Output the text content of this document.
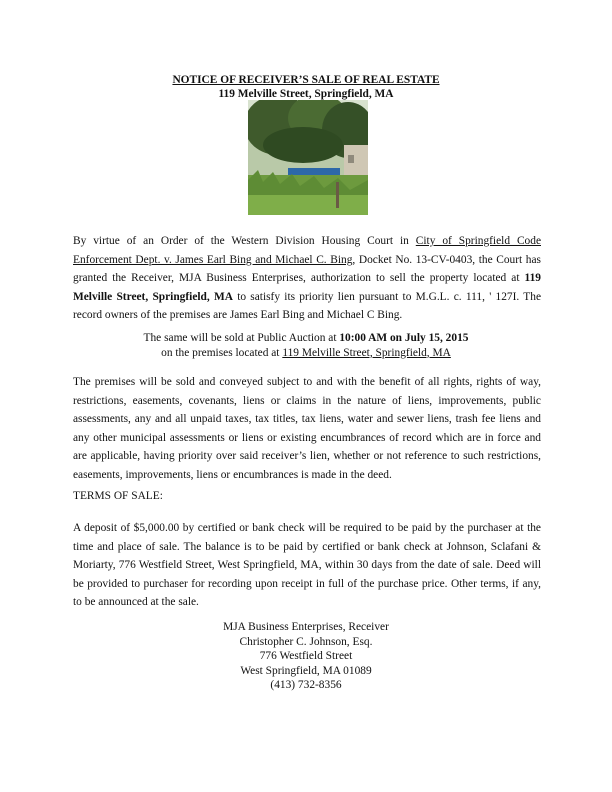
NOTICE OF RECEIVER’S SALE OF REAL ESTATE
119 Melville Street, Springfield, MA
By virtue of an Order of the Western Division Housing Court in City of Springfield Code Enforcement Dept. v. James Earl Bing and Michael C. Bing, Docket No. 13-CV-0403, the Court has granted the Receiver, MJA Business Enterprises, authorization to sell the property located at 119 Melville Street, Springfield, MA to satisfy its priority lien pursuant to M.G.L. c. 111, ' 127I. The record owners of the premises are James Earl Bing and Michael C Bing.
The same will be sold at Public Auction at 10:00 AM on July 15, 2015
on the premises located at 119 Melville Street, Springfield, MA
The premises will be sold and conveyed subject to and with the benefit of all rights, rights of way, restrictions, easements, covenants, liens or claims in the nature of liens, improvements, public assessments, any and all unpaid taxes, tax titles, tax liens, water and sewer liens, trash fee liens and any other municipal assessments or liens or existing encumbrances of record which are in force and are applicable, having priority over said receiver’s lien, whether or not reference to such restrictions, easements, improvements, liens or encumbrances is made in the deed.
TERMS OF SALE:
A deposit of $5,000.00 by certified or bank check will be required to be paid by the purchaser at the time and place of sale. The balance is to be paid by certified or bank check at Johnson, Sclafani & Moriarty, 776 Westfield Street, West Springfield, MA, within 30 days from the date of sale. Deed will be provided to purchaser for recording upon receipt in full of the purchase price. Other terms, if any, to be announced at the sale.
MJA Business Enterprises, Receiver
Christopher C. Johnson, Esq.
776 Westfield Street
West Springfield, MA 01089
(413) 732-8356
